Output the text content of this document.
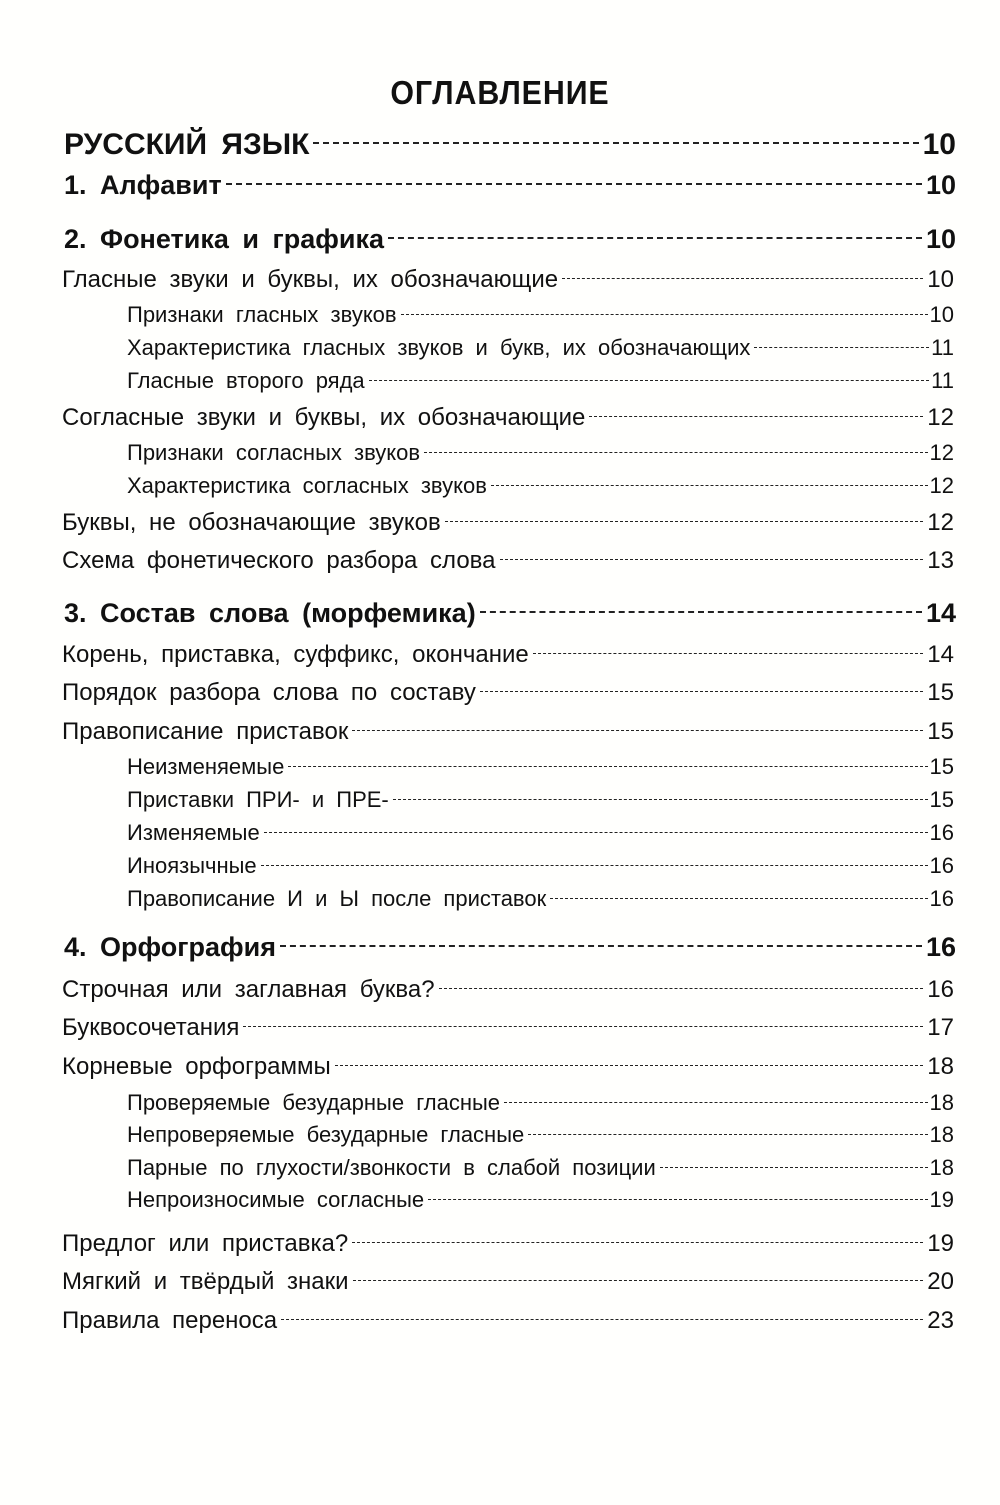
ОГЛАВЛЕНИЕ
РУССКИЙ ЯЗЫК	10
1. Алфавит	10
2. Фонетика и графика	10
Гласные звуки и буквы, их обозначающие	10
Признаки гласных звуков	10
Характеристика гласных звуков и букв, их обозначающих	11
Гласные второго ряда	11
Согласные звуки и буквы, их обозначающие	12
Признаки согласных звуков	12
Характеристика согласных звуков	12
Буквы, не обозначающие звуков	12
Схема фонетического разбора слова	13
3. Состав слова (морфемика)	14
Корень, приставка, суффикс, окончание	14
Порядок разбора слова по составу	15
Правописание приставок	15
Неизменяемые	15
Приставки ПРИ- и ПРЕ-	15
Изменяемые	16
Иноязычные	16
Правописание И и Ы после приставок	16
4. Орфография	16
Строчная или заглавная буква?	16
Буквосочетания	17
Корневые орфограммы	18
Проверяемые безударные гласные	18
Непроверяемые безударные гласные	18
Парные по глухости/звонкости в слабой позиции	18
Непроизносимые согласные	19
Предлог или приставка?	19
Мягкий и твёрдый знаки	20
Правила переноса	23
